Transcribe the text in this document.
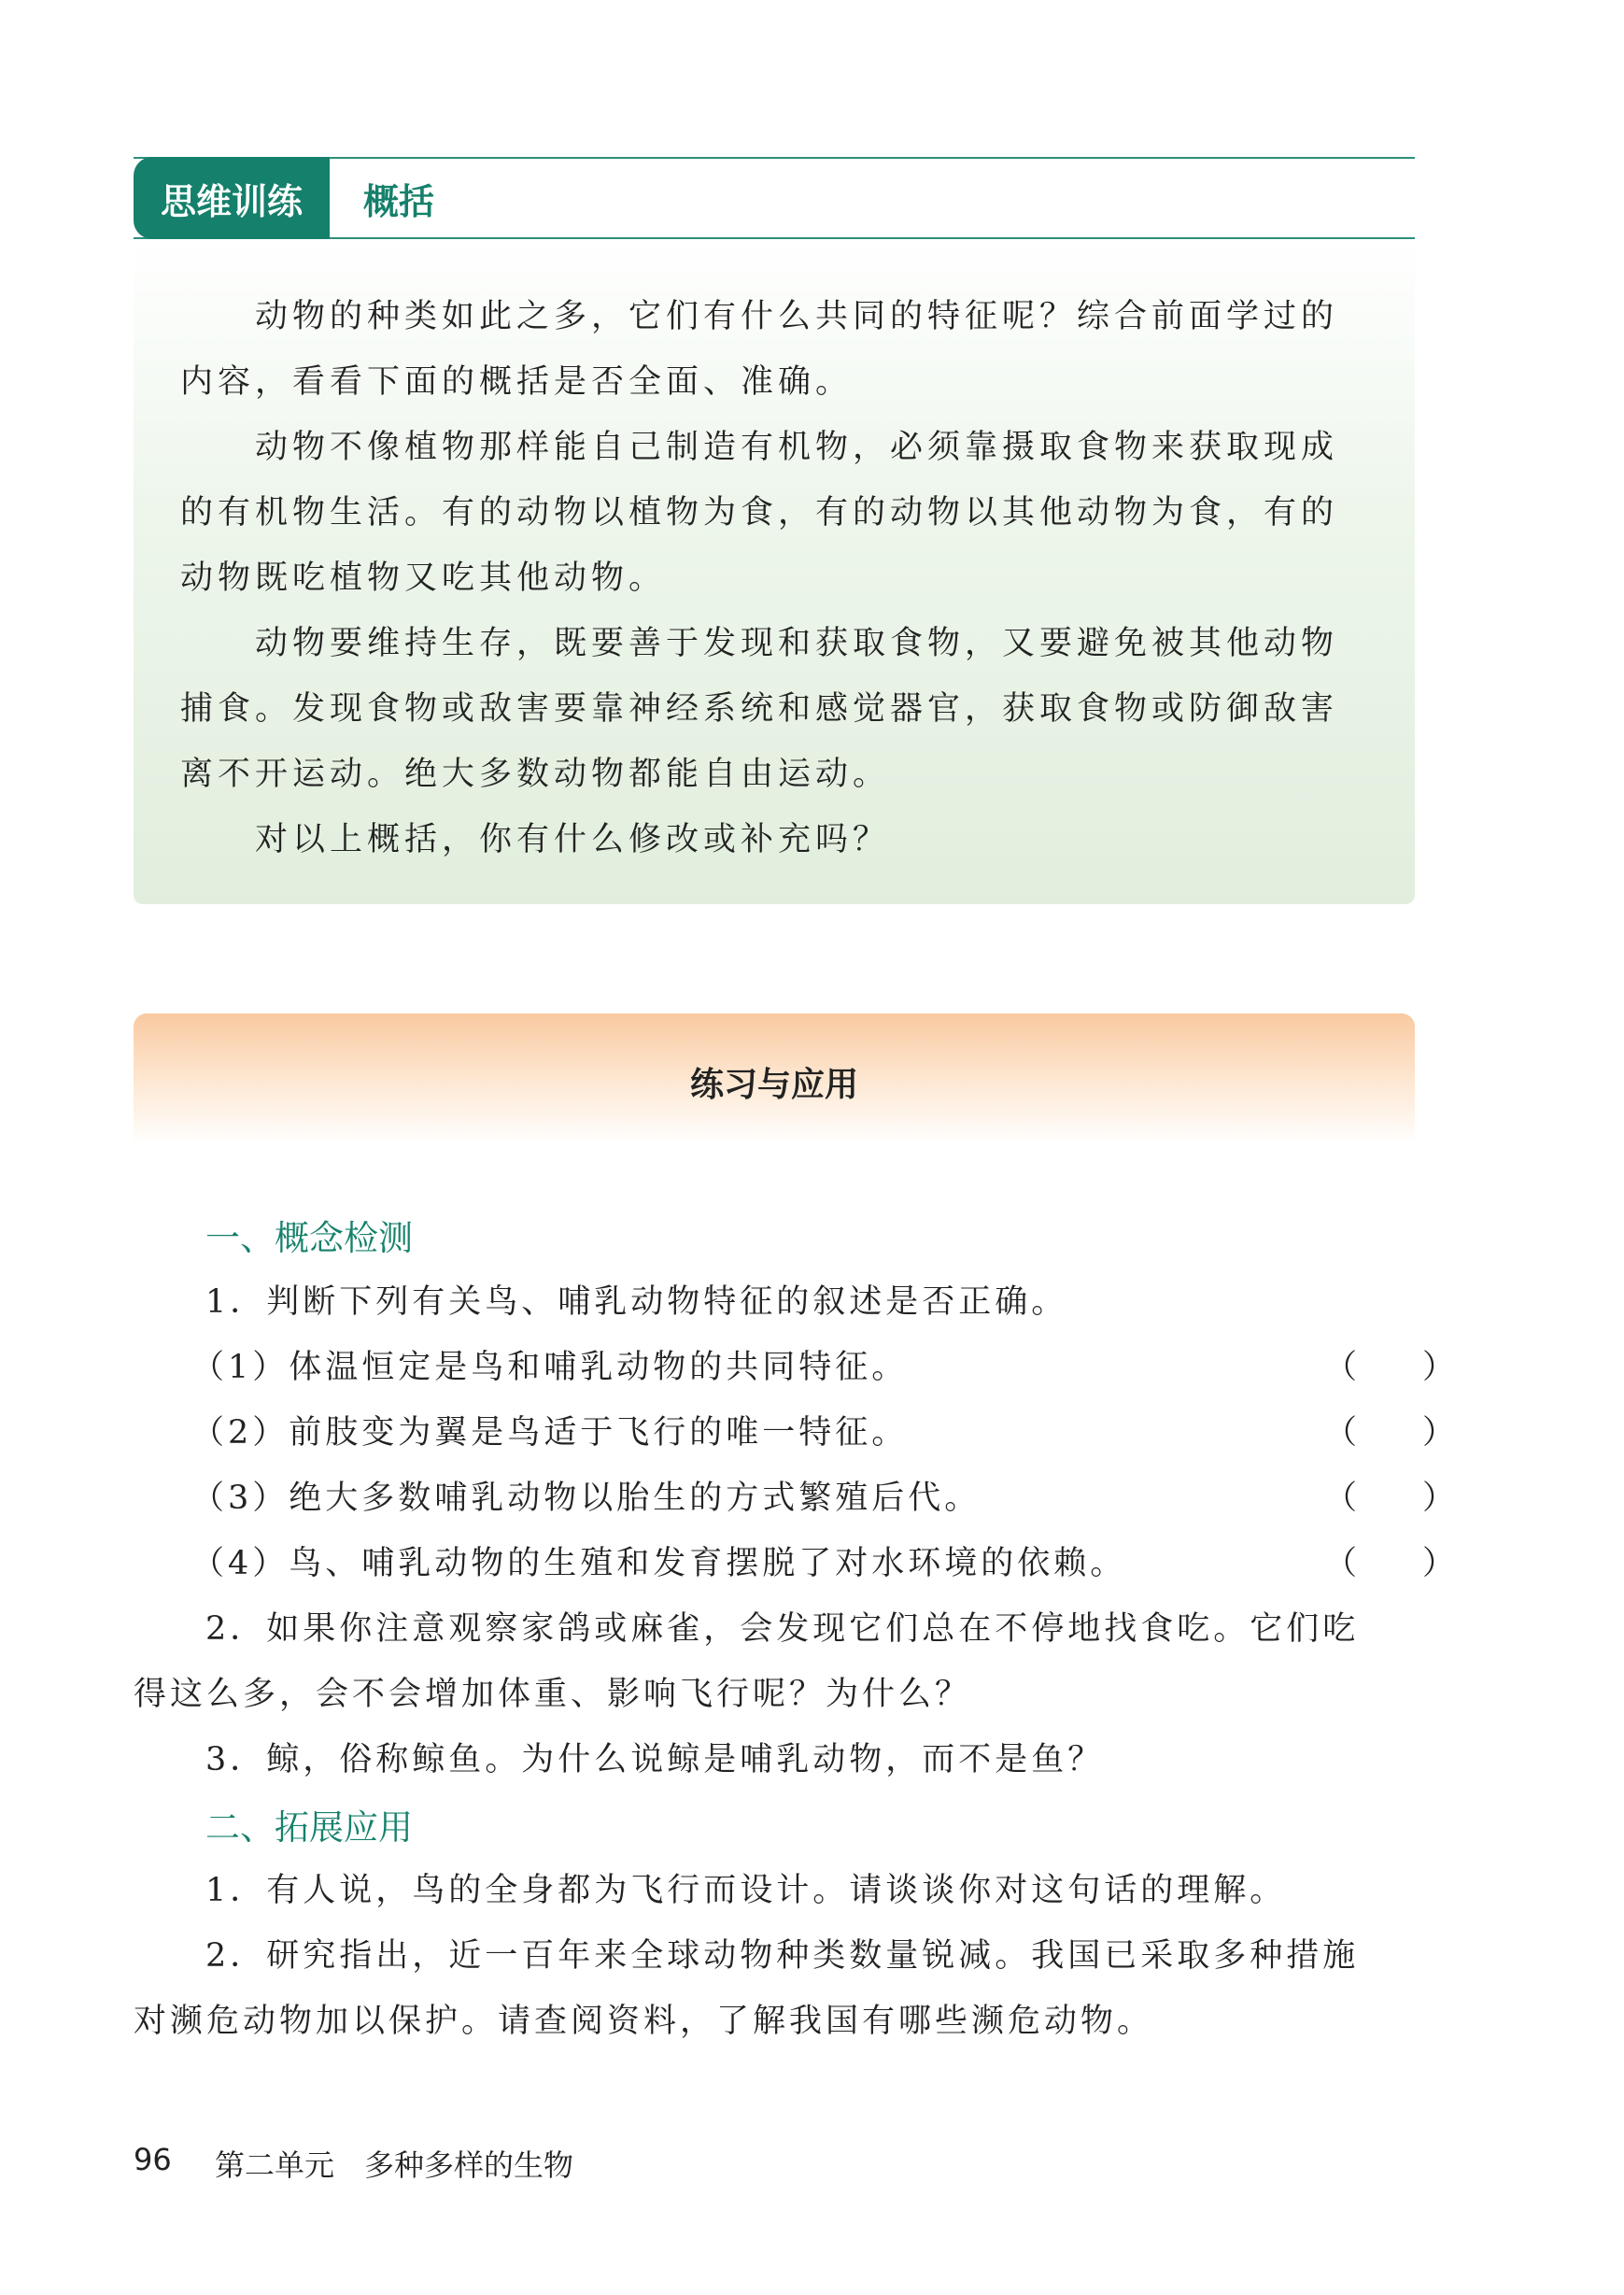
思维训练	概括

动物的种类如此之多，它们有什么共同的特征呢？综合前面学过的
内容，看看下面的概括是否全面、准确。

动物不像植物那样能自己制造有机物，必须靠摄取食物来获取现成
的有机物生活。有的动物以植物为食，有的动物以其他动物为食，有的
动物既吃植物又吃其他动物。

动物要维持生存，既要善于发现和获取食物，又要避免被其他动物
捕食。发现食物或敌害要靠神经系统和感觉器官，获取食物或防御敌害
离不开运动。绝大多数动物都能自由运动。

对以上概括，你有什么修改或补充吗？

练习与应用
一、概念检测
1．判断下列有关鸟、哺乳动物特征的叙述是否正确。
（1）体温恒定是鸟和哺乳动物的共同特征。	（　　）
（2）前肢变为翼是鸟适于飞行的唯一特征。	（　　）
（3）绝大多数哺乳动物以胎生的方式繁殖后代。	（　　）
（4）鸟、哺乳动物的生殖和发育摆脱了对水环境的依赖。	（　　）
2．如果你注意观察家鸽或麻雀，会发现它们总在不停地找食吃。它们吃
得这么多，会不会增加体重、影响飞行呢？为什么？
3．鲸，俗称鲸鱼。为什么说鲸是哺乳动物，而不是鱼？
二、拓展应用
1．有人说，鸟的全身都为飞行而设计。请谈谈你对这句话的理解。
2．研究指出，近一百年来全球动物种类数量锐减。我国已采取多种措施
对濒危动物加以保护。请查阅资料，了解我国有哪些濒危动物。
96 第二单元　多种多样的生物
